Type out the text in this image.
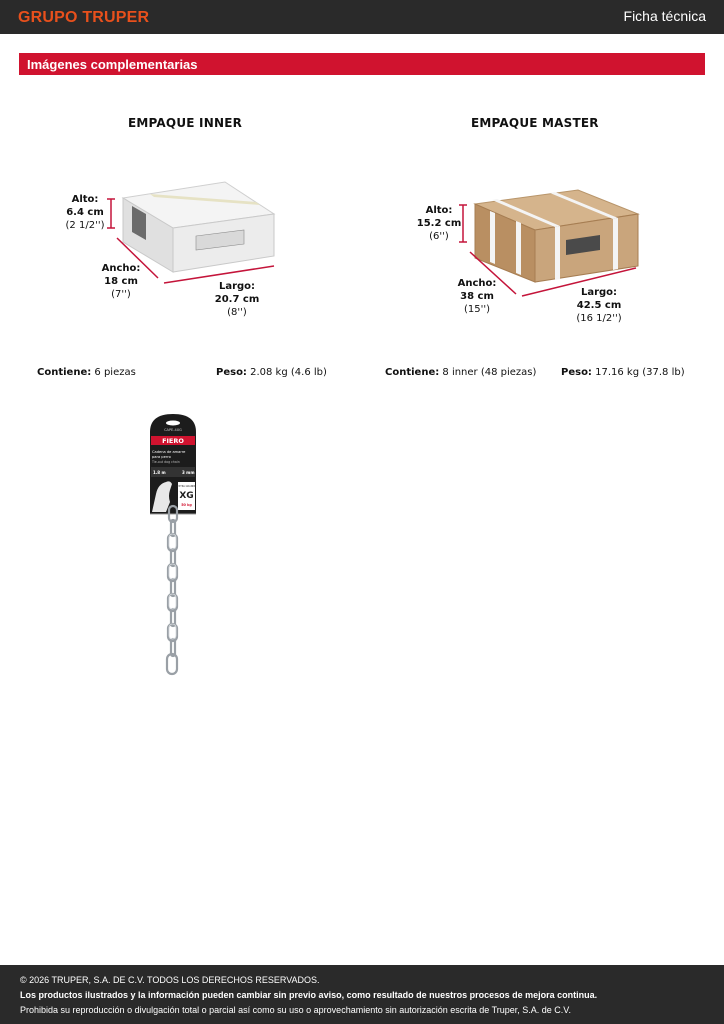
GRUPO TRUPER	Ficha técnica
Imágenes complementarias
EMPAQUE INNER
Alto:
6.4 cm
(2 1/2'')
Ancho:
18 cm
(7'')
Largo:
20.7 cm
(8'')
Contiene: 6 piezas	Peso: 2.08 kg (4.6 lb)
EMPAQUE MASTER
Alto:
15.2 cm
(6'')
Ancho:
38 cm
(15'')
Largo:
42.5 cm
(16 1/2'')
Contiene: 8 inner (48 piezas) Peso: 17.16 kg (37.8 lb)
CAPE-4XG
FIERO
Cadena de amarre
para perro
Tie-out dog chain
1.8 m	3 mm
EXTRA GRANDE
XG
50 kg

© 2026 TRUPER, S.A. DE C.V. TODOS LOS DERECHOS RESERVADOS.

Los productos ilustrados y la información pueden cambiar sin previo aviso, como resultado de nuestros procesos de mejora continua.

Prohibida su reproducción o divulgación total o parcial así como su uso o aprovechamiento sin autorización escrita de Truper, S.A. de C.V.
